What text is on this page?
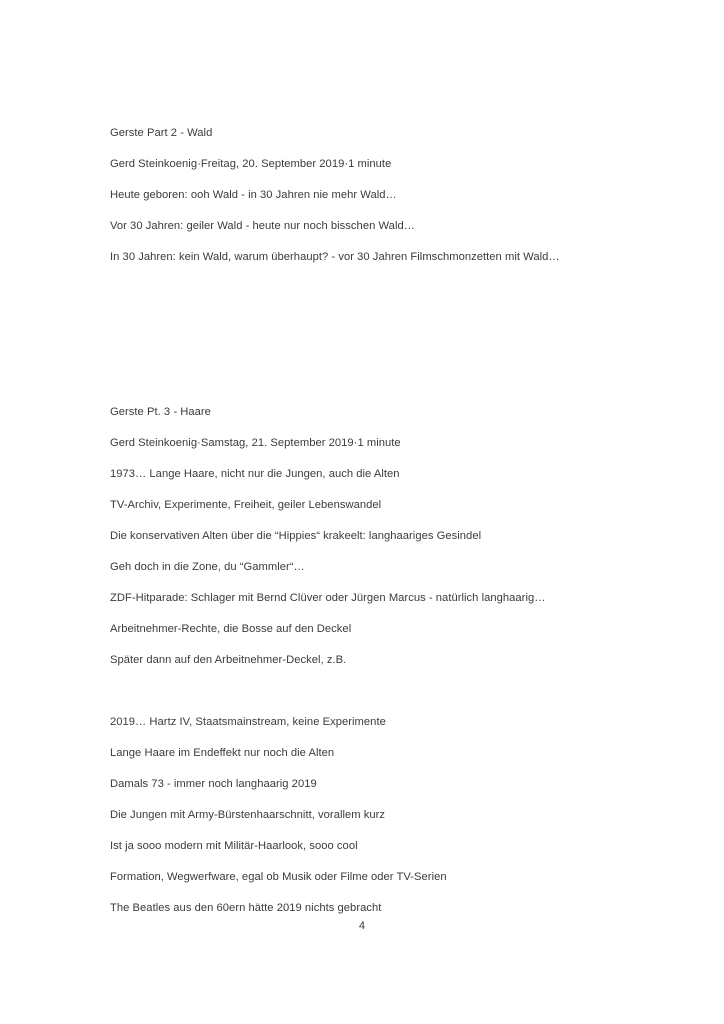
Gerste Part 2 - Wald
Gerd Steinkoenig·Freitag, 20. September 2019·1 minute
Heute geboren: ooh Wald - in 30 Jahren nie mehr Wald…
Vor 30 Jahren: geiler Wald - heute nur noch bisschen Wald…
In 30 Jahren: kein Wald, warum überhaupt? - vor 30 Jahren Filmschmonzetten mit Wald…
Gerste Pt. 3 - Haare
Gerd Steinkoenig·Samstag, 21. September 2019·1 minute
1973… Lange Haare, nicht nur die Jungen, auch die Alten
TV-Archiv, Experimente, Freiheit, geiler Lebenswandel
Die konservativen Alten über die “Hippies“ krakeelt: langhaariges Gesindel
Geh doch in die Zone, du “Gammler“…
ZDF-Hitparade: Schlager mit Bernd Clüver oder Jürgen Marcus - natürlich langhaarig…
Arbeitnehmer-Rechte, die Bosse auf den Deckel
Später dann auf den Arbeitnehmer-Deckel, z.B.
2019… Hartz IV, Staatsmainstream, keine Experimente
Lange Haare im Endeffekt nur noch die Alten
Damals 73 - immer noch langhaarig 2019
Die Jungen mit Army-Bürstenhaarschnitt, vorallem kurz
Ist ja sooo modern mit Militär-Haarlook, sooo cool
Formation, Wegwerfware, egal ob Musik oder Filme oder TV-Serien
The Beatles aus den 60ern hätte 2019 nichts gebracht
4
